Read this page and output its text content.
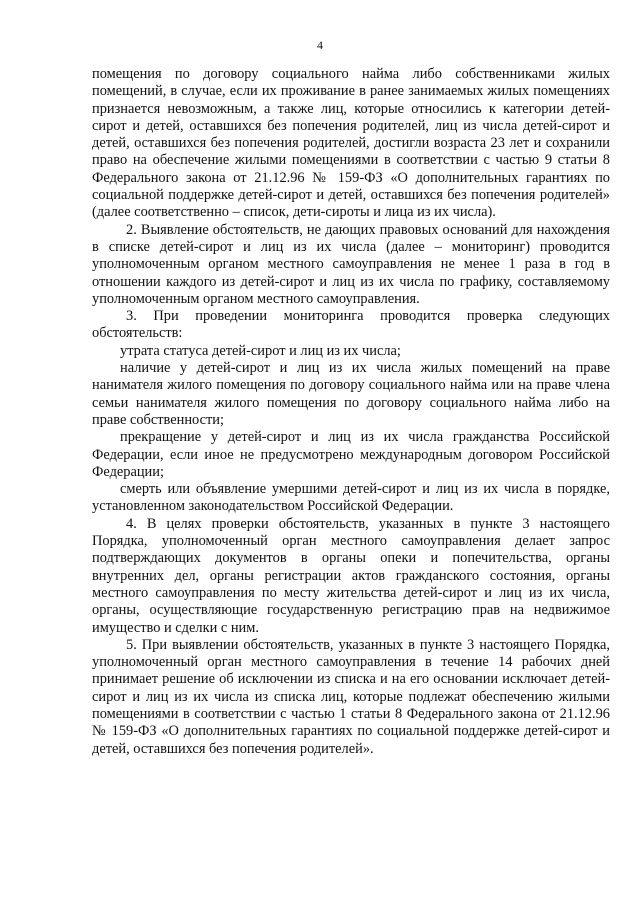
4

помещения по договору социального найма либо собственниками жилых помещений, в случае, если их проживание в ранее занимаемых жилых помещениях признается невозможным, а также лиц, которые относились к категории детей-сирот и детей, оставшихся без попечения родителей, лиц из числа детей-сирот и детей, оставшихся без попечения родителей, достигли возраста 23 лет и сохранили право на обеспечение жилыми помещениями в соответствии с частью 9 статьи 8 Федерального закона от 21.12.96 № 159-ФЗ «О дополнительных гарантиях по социальной поддержке детей-сирот и детей, оставшихся без попечения родителей» (далее соответственно – список, дети-сироты и лица из их числа).

2. Выявление обстоятельств, не дающих правовых оснований для нахождения в списке детей-сирот и лиц из их числа (далее – мониторинг) проводится уполномоченным органом местного самоуправления не менее 1 раза в год в отношении каждого из детей-сирот и лиц из их числа по графику, составляемому уполномоченным органом местного самоуправления.

3. При проведении мониторинга проводится проверка следующих обстоятельств:

утрата статуса детей-сирот и лиц из их числа;

наличие у детей-сирот и лиц из их числа жилых помещений на праве нанимателя жилого помещения по договору социального найма или на праве члена семьи нанимателя жилого помещения по договору социального найма либо на праве собственности;

прекращение у детей-сирот и лиц из их числа гражданства Российской Федерации, если иное не предусмотрено международным договором Российской Федерации;

смерть или объявление умершими детей-сирот и лиц из их числа в порядке, установленном законодательством Российской Федерации.

4. В целях проверки обстоятельств, указанных в пункте 3 настоящего Порядка, уполномоченный орган местного самоуправления делает запрос подтверждающих документов в органы опеки и попечительства, органы внутренних дел, органы регистрации актов гражданского состояния, органы местного самоуправления по месту жительства детей-сирот и лиц из их числа, органы, осуществляющие государственную регистрацию прав на недвижимое имущество и сделки с ним.

5. При выявлении обстоятельств, указанных в пункте 3 настоящего Порядка, уполномоченный орган местного самоуправления в течение 14 рабочих дней принимает решение об исключении из списка и на его основании исключает детей-сирот и лиц из их числа из списка лиц, которые подлежат обеспечению жилыми помещениями в соответствии с частью 1 статьи 8 Федерального закона от 21.12.96 № 159-ФЗ «О дополнительных гарантиях по социальной поддержке детей-сирот и детей, оставшихся без попечения родителей».
